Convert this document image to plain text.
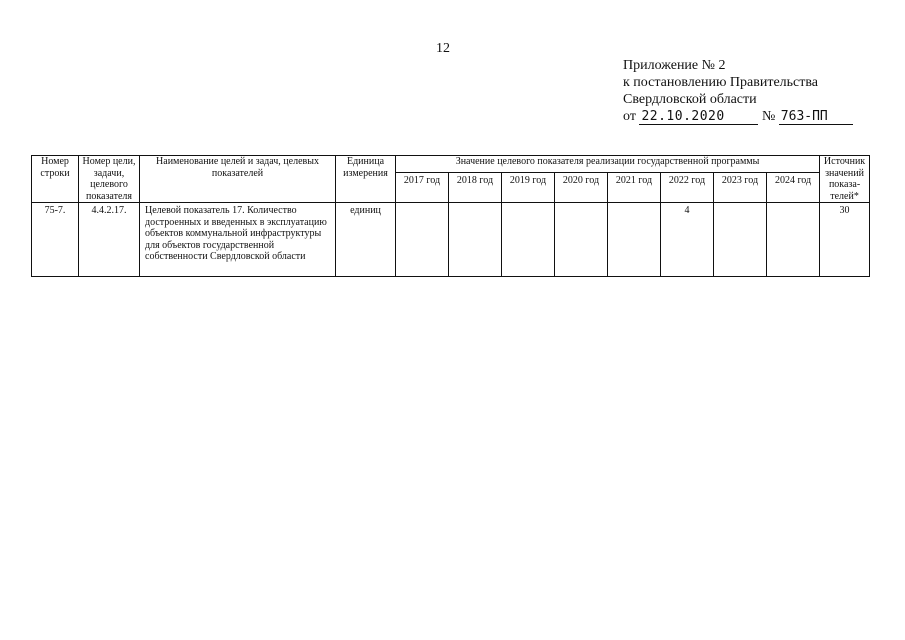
12
Приложение № 2
к постановлению Правительства
Свердловской области
от 22.10.2020	№ 763-ПП
Номер строки	Номер цели, задачи, целевого показателя	Наименование целей и задач, целевых показателей	Единица измерения	Значение целевого показателя реализации государственной программы								Источник значений показа-телей*
				2017 год	2018 год	2019 год	2020 год	2021 год	2022 год	2023 год	2024 год	
75-7.	4.4.2.17.	Целевой показатель 17. Количество достроенных и введенных в эксплуатацию объектов коммунальной инфраструктуры для объектов государственной собственности Свердловской области	единиц						4			30
